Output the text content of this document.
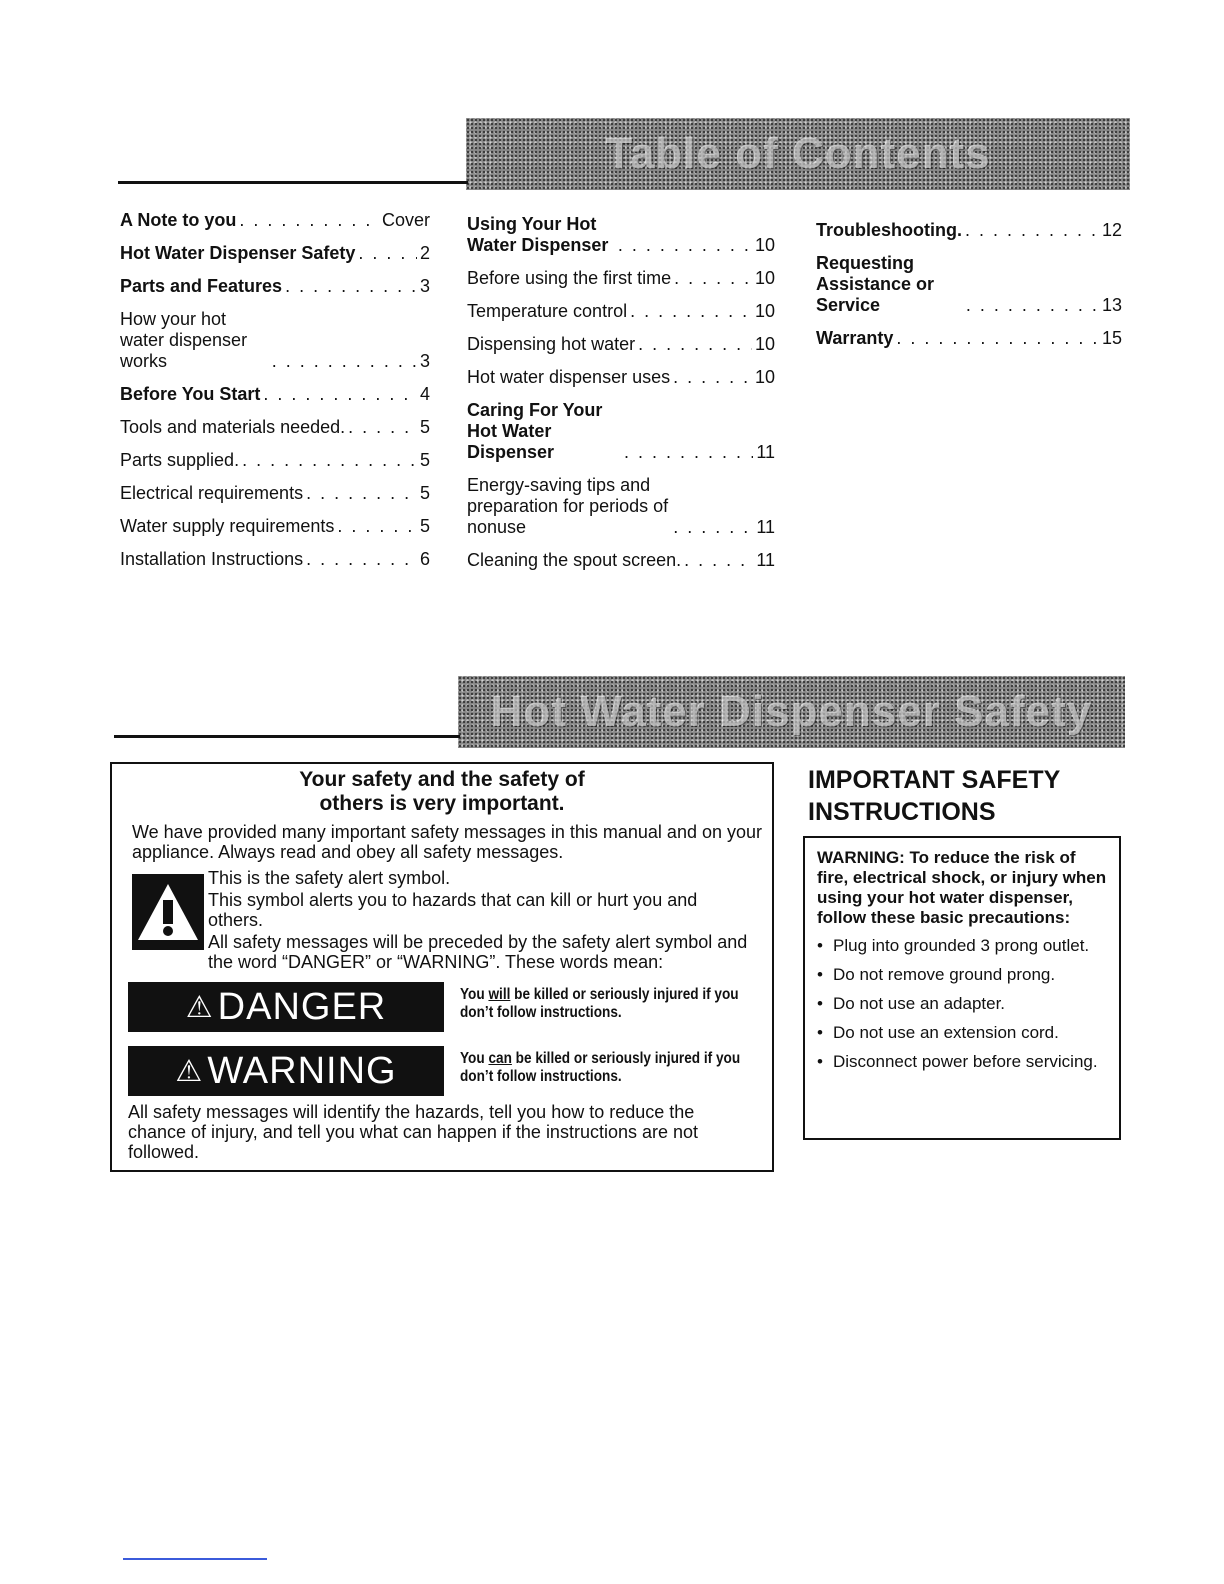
Table of Contents
A Note to you . . .	Cover
Hot Water Dispenser Safety . . .	2
Parts and Features . . .	3
How your hot water dispenser works . . .	3
Before You Start . . .	4
Tools and materials needed. . . .	5
Parts supplied. . . .	5
Electrical requirements . . .	5
Water supply requirements . . .	5
Installation Instructions . . .	6
Using Your Hot Water Dispenser . . .	10
Before using the first time . . .	10
Temperature control . . .	10
Dispensing hot water . . .	10
Hot water dispenser uses . . .	10
Caring For Your Hot Water Dispenser . . .	11
Energy-saving tips and preparation for periods of nonuse . . .	11
Cleaning the spout screen. . . .	11
Troubleshooting. . . .	12
Requesting Assistance or Service . . .	13
Warranty . . .	15
Hot Water Dispenser Safety
Your safety and the safety of
others is very important.
We have provided many important safety messages in this manual and on your appliance. Always read and obey all safety messages.
This is the safety alert symbol.
This symbol alerts you to hazards that can kill or hurt you and others.
All safety messages will be preceded by the safety alert symbol and the word “DANGER” or “WARNING”. These words mean:
⚠ DANGER	You will be killed or seriously injured if you don’t follow instructions.
⚠ WARNING	You can be killed or seriously injured if you don’t follow instructions.
All safety messages will identify the hazards, tell you how to reduce the chance of injury, and tell you what can happen if the instructions are not followed.
IMPORTANT SAFETY
INSTRUCTIONS
WARNING: To reduce the risk of fire, electrical shock, or injury when using your hot water dispenser, follow these basic precautions:
• Plug into grounded 3 prong outlet.
• Do not remove ground prong.
• Do not use an adapter.
• Do not use an extension cord.
• Disconnect power before servicing.
